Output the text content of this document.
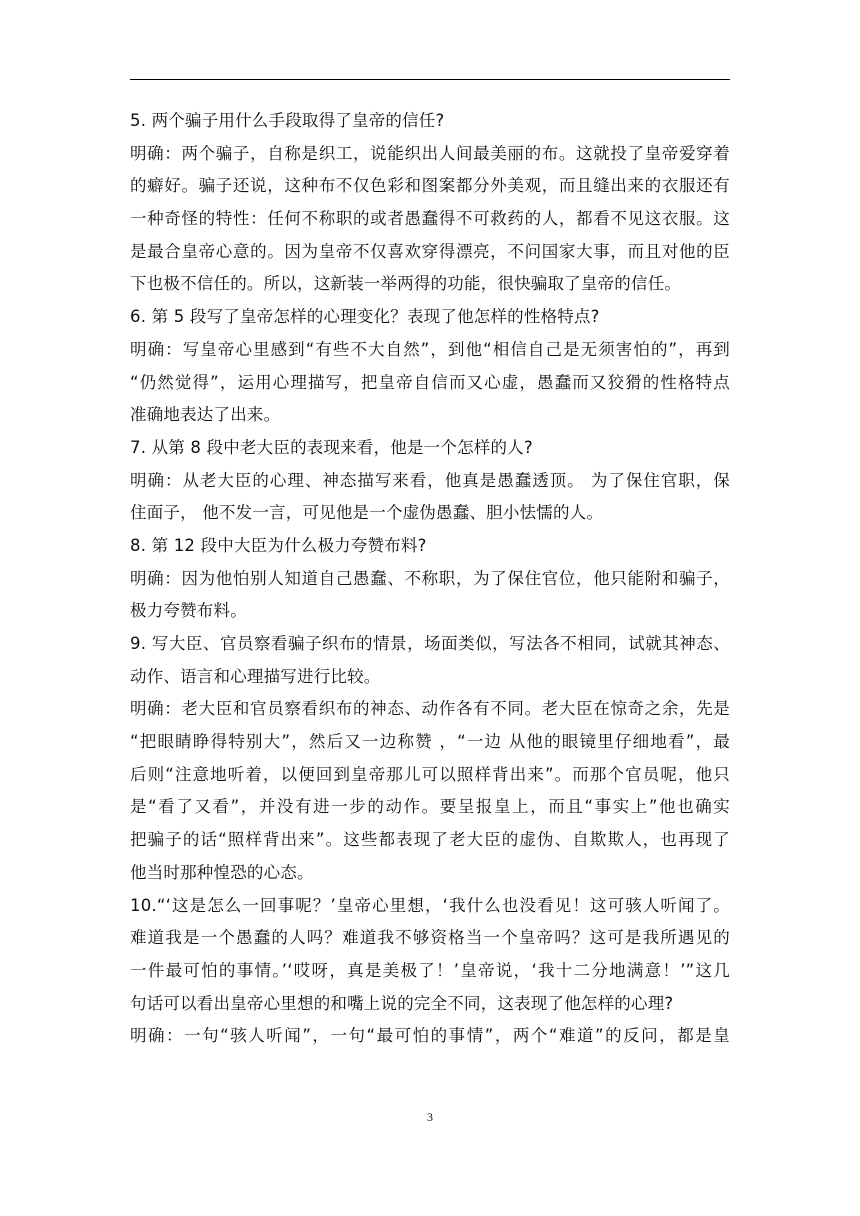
5. 两个骗子用什么手段取得了皇帝的信任?
明确：两个骗子，自称是织工，说能织出人间最美丽的布。这就投了皇帝爱穿着
的癖好。骗子还说，这种布不仅色彩和图案都分外美观，而且缝出来的衣服还有
一种奇怪的特性：任何不称职的或者愚蠢得不可救药的人，都看不见这衣服。这
是最合皇帝心意的。因为皇帝不仅喜欢穿得漂亮，不问国家大事，而且对他的臣
下也极不信任的。所以，这新装一举两得的功能，很快骗取了皇帝的信任。
6. 第 5 段写了皇帝怎样的心理变化？表现了他怎样的性格特点?
明确：写皇帝心里感到“有些不大自然”，到他“相信自己是无须害怕的”，再到
“仍然觉得”，运用心理描写，把皇帝自信而又心虚，愚蠢而又狡猾的性格特点
准确地表达了出来。
7. 从第 8 段中老大臣的表现来看，他是一个怎样的人?
明确：从老大臣的心理、神态描写来看，他真是愚蠢透顶。 为了保住官职，保
住面子， 他不发一言，可见他是一个虚伪愚蠢、胆小怯懦的人。
8. 第 12 段中大臣为什么极力夸赞布料?
明确：因为他怕别人知道自己愚蠢、不称职，为了保住官位，他只能附和骗子，
极力夸赞布料。
9. 写大臣、官员察看骗子织布的情景，场面类似，写法各不相同，试就其神态、
动作、语言和心理描写进行比较。
明确：老大臣和官员察看织布的神态、动作各有不同。老大臣在惊奇之余，先是
“把眼睛睁得特别大”，然后又一边称赞 ，“一边 从他的眼镜里仔细地看”，最
后则“注意地听着，以便回到皇帝那儿可以照样背出来”。而那个官员呢，他只
是“看了又看”，并没有进一步的动作。要呈报皇上，而且“事实上”他也确实
把骗子的话“照样背出来”。这些都表现了老大臣的虚伪、自欺欺人，也再现了
他当时那种惶恐的心态。
10.“‘这是怎么一回事呢？’皇帝心里想，‘我什么也没看见！这可骇人听闻了。
难道我是一个愚蠢的人吗？难道我不够资格当一个皇帝吗？这可是我所遇见的
一件最可怕的事情。’‘哎呀，真是美极了！’皇帝说，‘我十二分地满意！’”这几
句话可以看出皇帝心里想的和嘴上说的完全不同，这表现了他怎样的心理?
明确：一句“骇人听闻”，一句“最可怕的事情”，两个“难道”的反问，都是皇
3
